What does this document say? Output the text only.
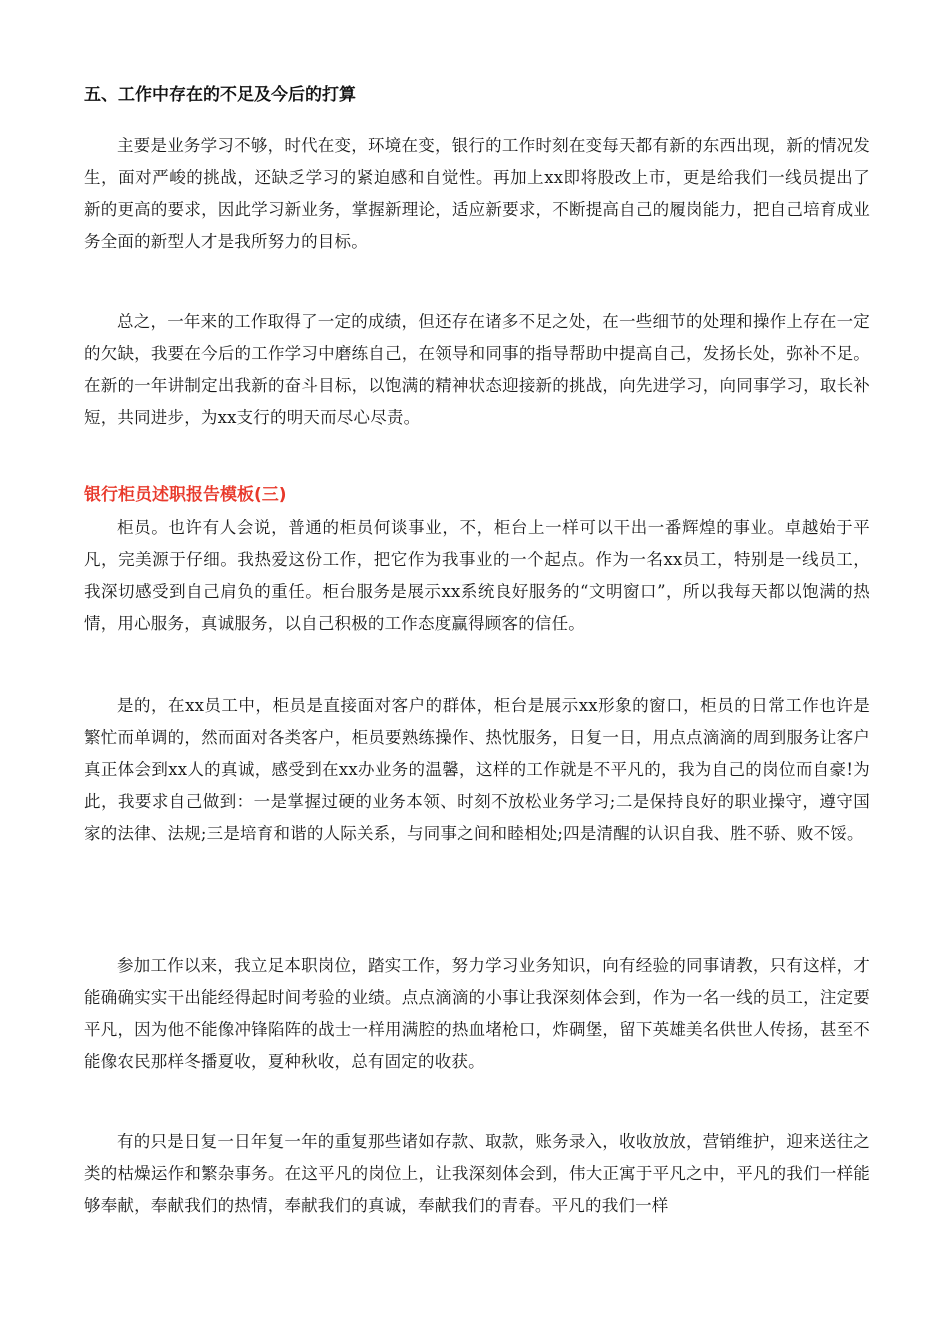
五、工作中存在的不足及今后的打算

主要是业务学习不够，时代在变，环境在变，银行的工作时刻在变每天都有新的东西出现，新的情况发生，面对严峻的挑战，还缺乏学习的紧迫感和自觉性。再加上xx即将股改上市，更是给我们一线员提出了新的更高的要求，因此学习新业务，掌握新理论，适应新要求，不断提高自己的履岗能力，把自己培育成业务全面的新型人才是我所努力的目标。

总之，一年来的工作取得了一定的成绩，但还存在诸多不足之处，在一些细节的处理和操作上存在一定的欠缺，我要在今后的工作学习中磨练自己，在领导和同事的指导帮助中提高自己，发扬长处，弥补不足。在新的一年讲制定出我新的奋斗目标，以饱满的精神状态迎接新的挑战，向先进学习，向同事学习，取长补短，共同进步，为xx支行的明天而尽心尽责。

银行柜员述职报告模板(三)

柜员。也许有人会说，普通的柜员何谈事业，不，柜台上一样可以干出一番辉煌的事业。卓越始于平凡，完美源于仔细。我热爱这份工作，把它作为我事业的一个起点。作为一名xx员工，特别是一线员工，我深切感受到自己肩负的重任。柜台服务是展示xx系统良好服务的“文明窗口”，所以我每天都以饱满的热情，用心服务，真诚服务，以自己积极的工作态度赢得顾客的信任。

是的，在xx员工中，柜员是直接面对客户的群体，柜台是展示xx形象的窗口，柜员的日常工作也许是繁忙而单调的，然而面对各类客户，柜员要熟练操作、热忱服务，日复一日，用点点滴滴的周到服务让客户真正体会到xx人的真诚，感受到在xx办业务的温馨，这样的工作就是不平凡的，我为自己的岗位而自豪!为此，我要求自己做到：一是掌握过硬的业务本领、时刻不放松业务学习;二是保持良好的职业操守，遵守国家的法律、法规;三是培育和谐的人际关系，与同事之间和睦相处;四是清醒的认识自我、胜不骄、败不馁。

参加工作以来，我立足本职岗位，踏实工作，努力学习业务知识，向有经验的同事请教，只有这样，才能确确实实干出能经得起时间考验的业绩。点点滴滴的小事让我深刻体会到，作为一名一线的员工，注定要平凡，因为他不能像冲锋陷阵的战士一样用满腔的热血堵枪口，炸碉堡，留下英雄美名供世人传扬，甚至不能像农民那样冬播夏收，夏种秋收，总有固定的收获。

有的只是日复一日年复一年的重复那些诸如存款、取款，账务录入，收收放放，营销维护，迎来送往之类的枯燥运作和繁杂事务。在这平凡的岗位上，让我深刻体会到，伟大正寓于平凡之中，平凡的我们一样能够奉献，奉献我们的热情，奉献我们的真诚，奉献我们的青春。平凡的我们一样
